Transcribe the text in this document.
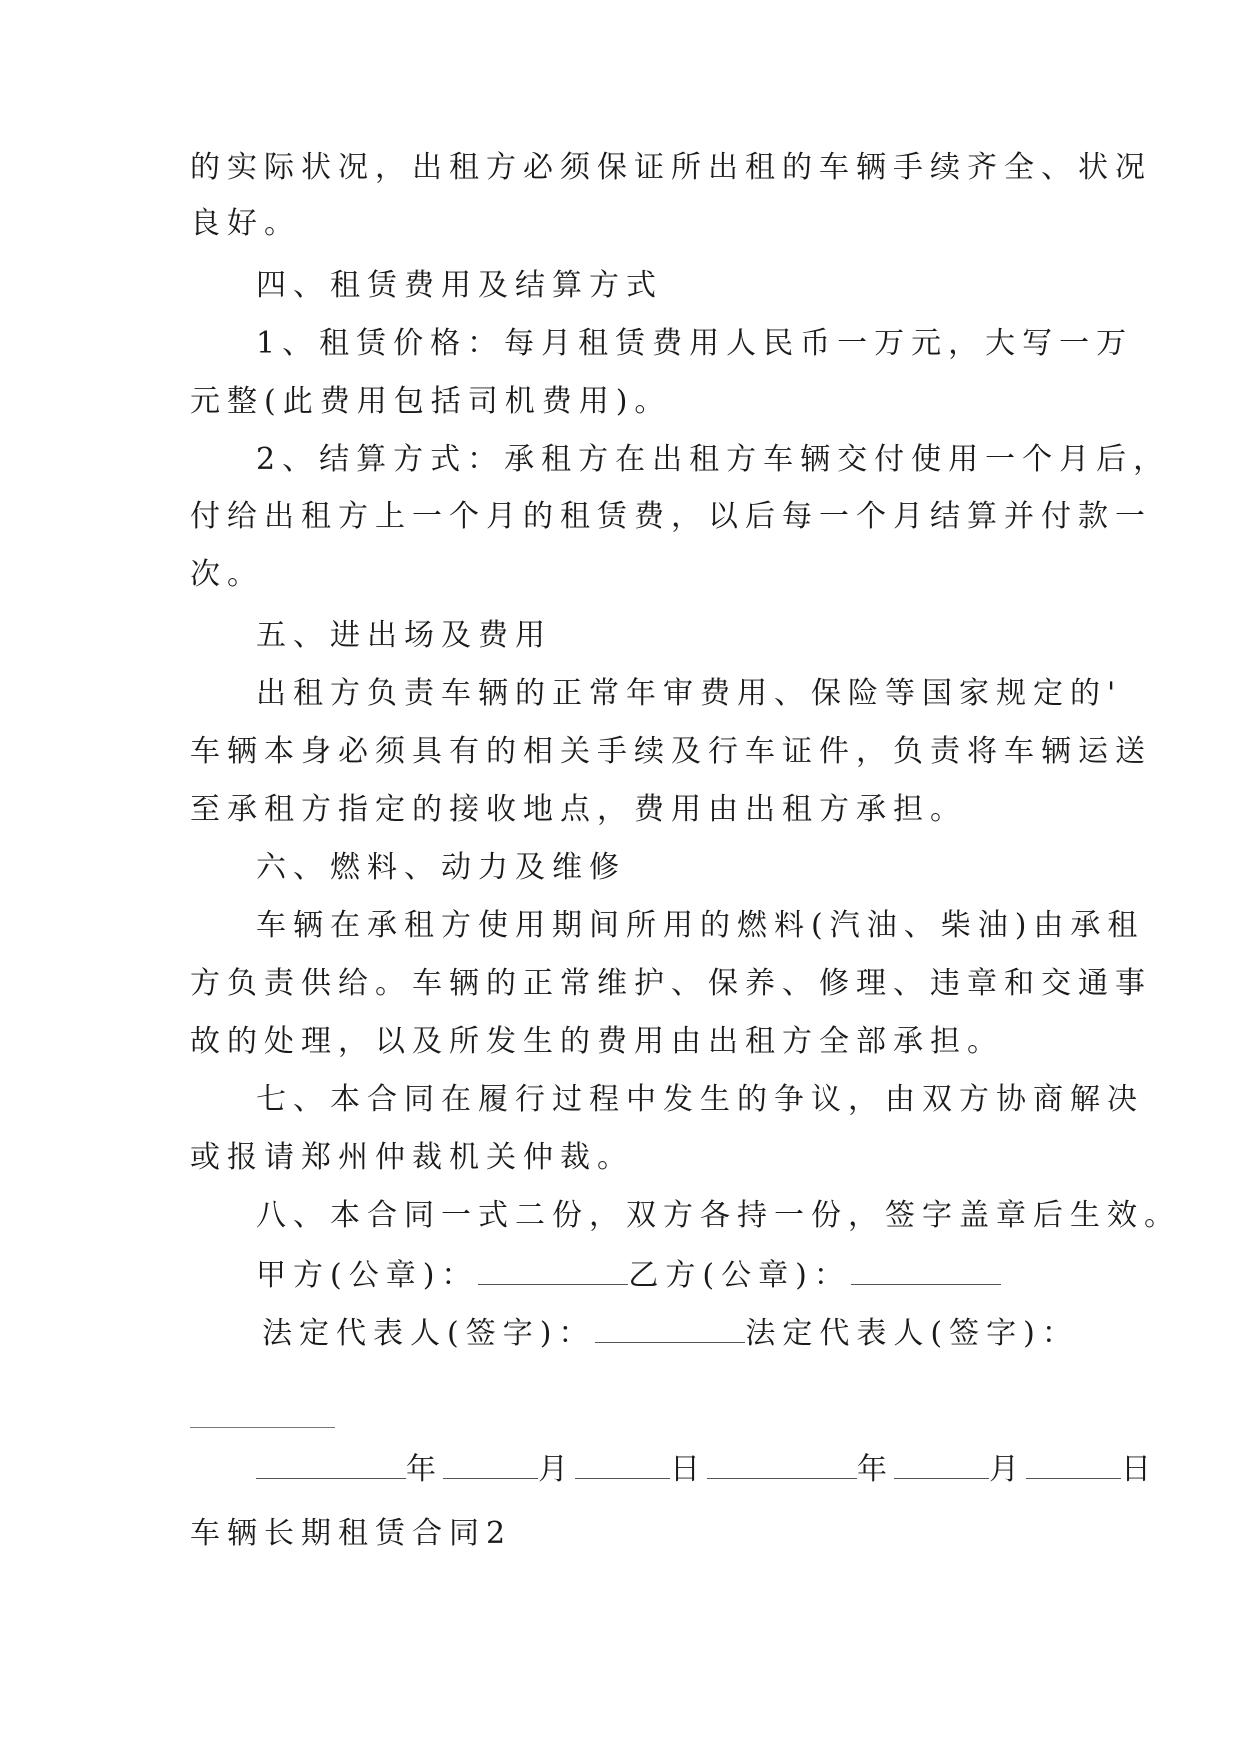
的实际状况，出租方必须保证所出租的车辆手续齐全、状况
良好。
四、租赁费用及结算方式
1、租赁价格：每月租赁费用人民币一万元，大写一万
元整(此费用包括司机费用)。
2、结算方式：承租方在出租方车辆交付使用一个月后，
付给出租方上一个月的租赁费，以后每一个月结算并付款一
次。
五、进出场及费用
出租方负责车辆的正常年审费用、保险等国家规定的'
车辆本身必须具有的相关手续及行车证件，负责将车辆运送
至承租方指定的接收地点，费用由出租方承担。
六、燃料、动力及维修
车辆在承租方使用期间所用的燃料(汽油、柴油)由承租
方负责供给。车辆的正常维护、保养、修理、违章和交通事
故的处理，以及所发生的费用由出租方全部承担。
七、本合同在履行过程中发生的争议，由双方协商解决
或报请郑州仲裁机关仲裁。
八、本合同一式二份，双方各持一份，签字盖章后生效。
甲方(公章)：	乙方(公章)：
法定代表人(签字)：	法定代表人(签字)：
年	月	日	年	月	日
车辆长期租赁合同2
